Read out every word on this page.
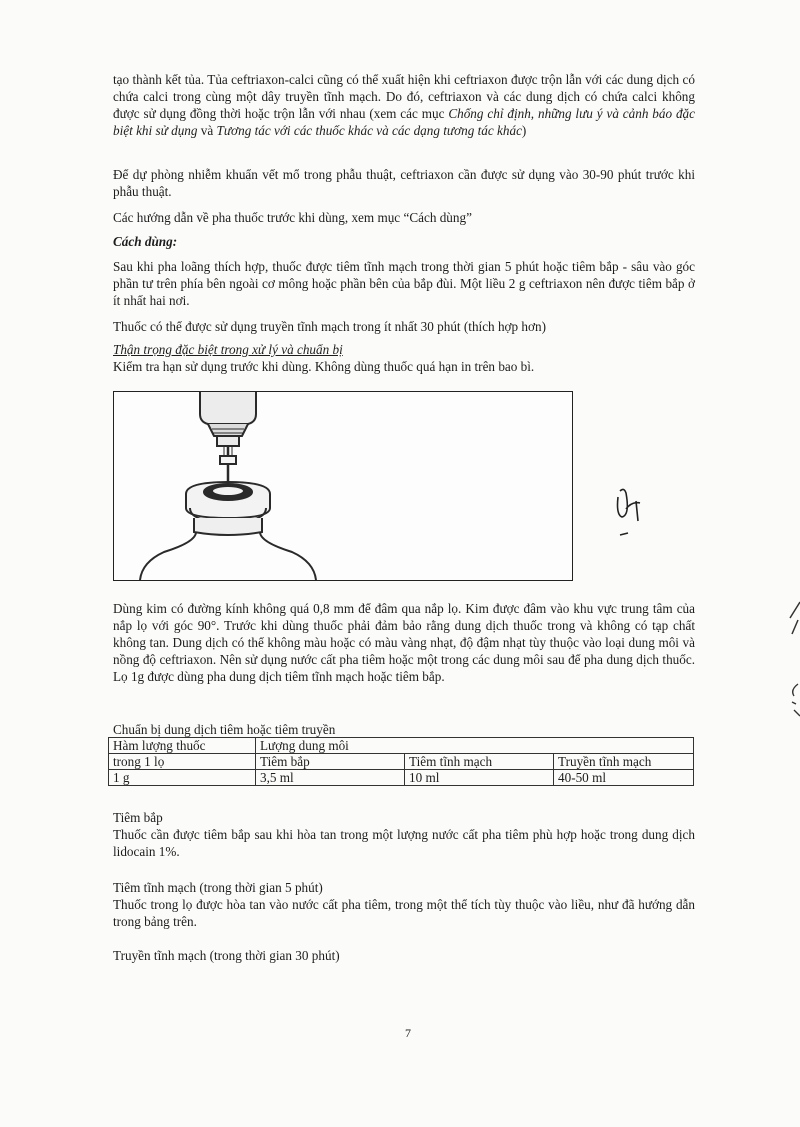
tạo thành kết tủa. Tủa ceftriaxon-calci cũng có thể xuất hiện khi ceftriaxon được trộn lẫn với các dung dịch có chứa calci trong cùng một dây truyền tĩnh mạch. Do đó, ceftriaxon và các dung dịch có chứa calci không được sử dụng đồng thời hoặc trộn lẫn với nhau (xem các mục Chống chỉ định, những lưu ý và cảnh báo đặc biệt khi sử dụng và Tương tác với các thuốc khác và các dạng tương tác khác)

Để dự phòng nhiễm khuẩn vết mổ trong phẫu thuật, ceftriaxon cần được sử dụng vào 30-90 phút trước khi phẫu thuật.

Các hướng dẫn về pha thuốc trước khi dùng, xem mục “Cách dùng”

Cách dùng:

Sau khi pha loãng thích hợp, thuốc được tiêm tĩnh mạch trong thời gian 5 phút hoặc tiêm bắp - sâu vào góc phần tư trên phía bên ngoài cơ mông hoặc phần bên của bắp đùi. Một liều 2 g ceftriaxon nên được tiêm bắp ở ít nhất hai nơi.

Thuốc có thể được sử dụng truyền tĩnh mạch trong ít nhất 30 phút (thích hợp hơn)

Thận trọng đặc biệt trong xử lý và chuẩn bị

Kiểm tra hạn sử dụng trước khi dùng. Không dùng thuốc quá hạn in trên bao bì.

Dùng kim có đường kính không quá 0,8 mm để đâm qua nắp lọ. Kim được đâm vào khu vực trung tâm của nắp lọ với góc 90°. Trước khi dùng thuốc phải đảm bảo rằng dung dịch thuốc trong và không có tạp chất không tan. Dung dịch có thể không màu hoặc có màu vàng nhạt, độ đậm nhạt tùy thuộc vào loại dung môi và nồng độ ceftriaxon. Nên sử dụng nước cất pha tiêm hoặc một trong các dung môi sau để pha dung dịch thuốc. Lọ 1g được dùng pha dung dịch tiêm tĩnh mạch hoặc tiêm bắp.

Chuẩn bị dung dịch tiêm hoặc tiêm truyền

Hàm lượng thuốc	Lượng dung môi		
trong 1 lọ	Tiêm bắp	Tiêm tĩnh mạch	Truyền tĩnh mạch
1 g	3,5 ml	10 ml	40-50 ml

Tiêm bắp

Thuốc cần được tiêm bắp sau khi hòa tan trong một lượng nước cất pha tiêm phù hợp hoặc trong dung dịch lidocain 1%.

Tiêm tĩnh mạch (trong thời gian 5 phút)

Thuốc trong lọ được hòa tan vào nước cất pha tiêm, trong một thể tích tùy thuộc vào liều, như đã hướng dẫn trong bảng trên.

Truyền tĩnh mạch (trong thời gian 30 phút)

7
